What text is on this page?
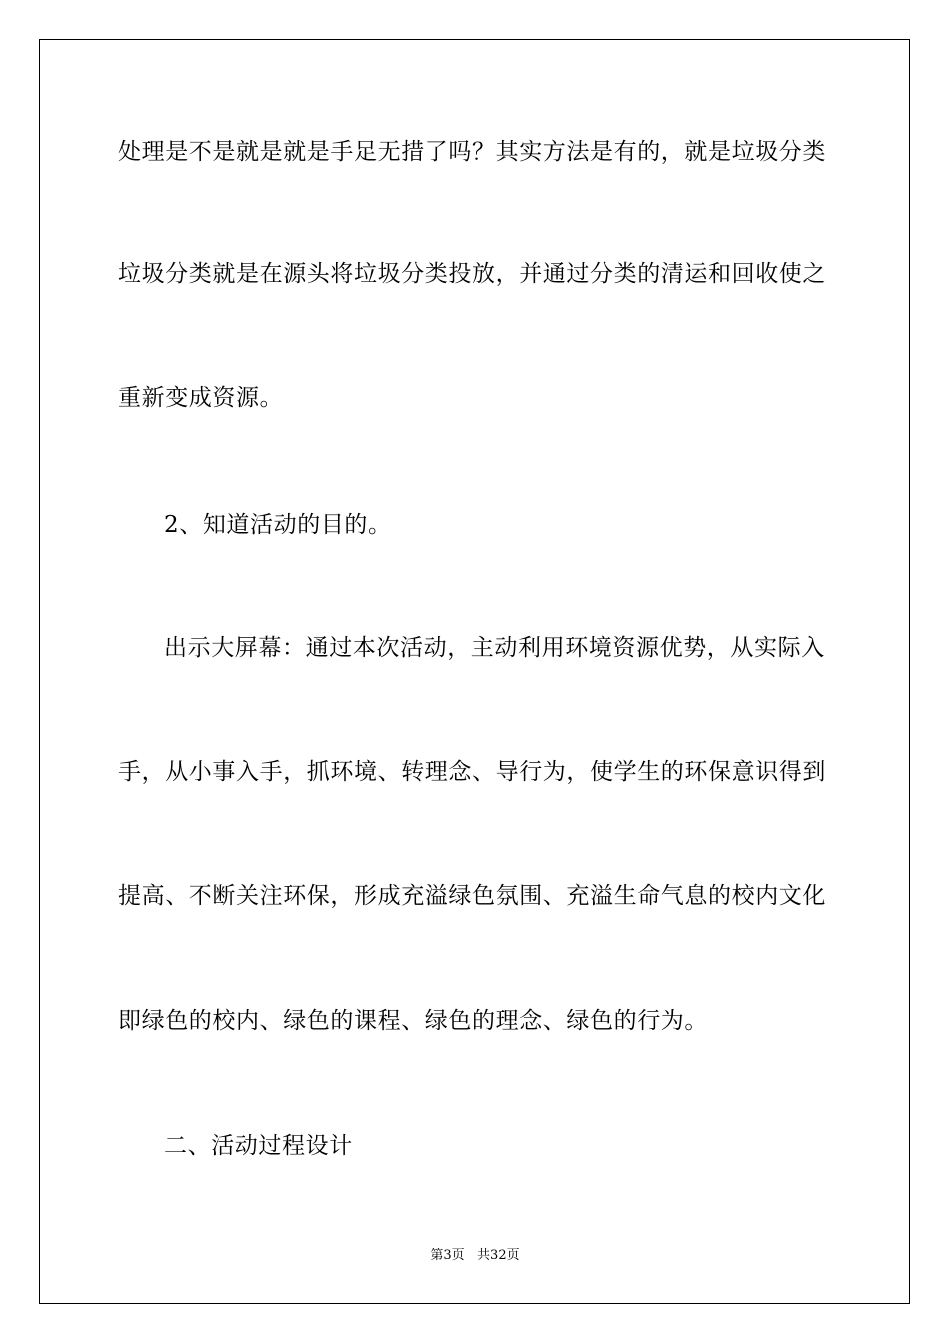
处理是不是就是就是手足无措了吗？其实方法是有的，就是垃圾分类
垃圾分类就是在源头将垃圾分类投放，并通过分类的清运和回收使之
重新变成资源。
2、知道活动的目的。
出示大屏幕：通过本次活动，主动利用环境资源优势，从实际入
手，从小事入手，抓环境、转理念、导行为，使学生的环保意识得到
提高、不断关注环保，形成充溢绿色氛围、充溢生命气息的校内文化
即绿色的校内、绿色的课程、绿色的理念、绿色的行为。
二、活动过程设计
第3页   共32页
